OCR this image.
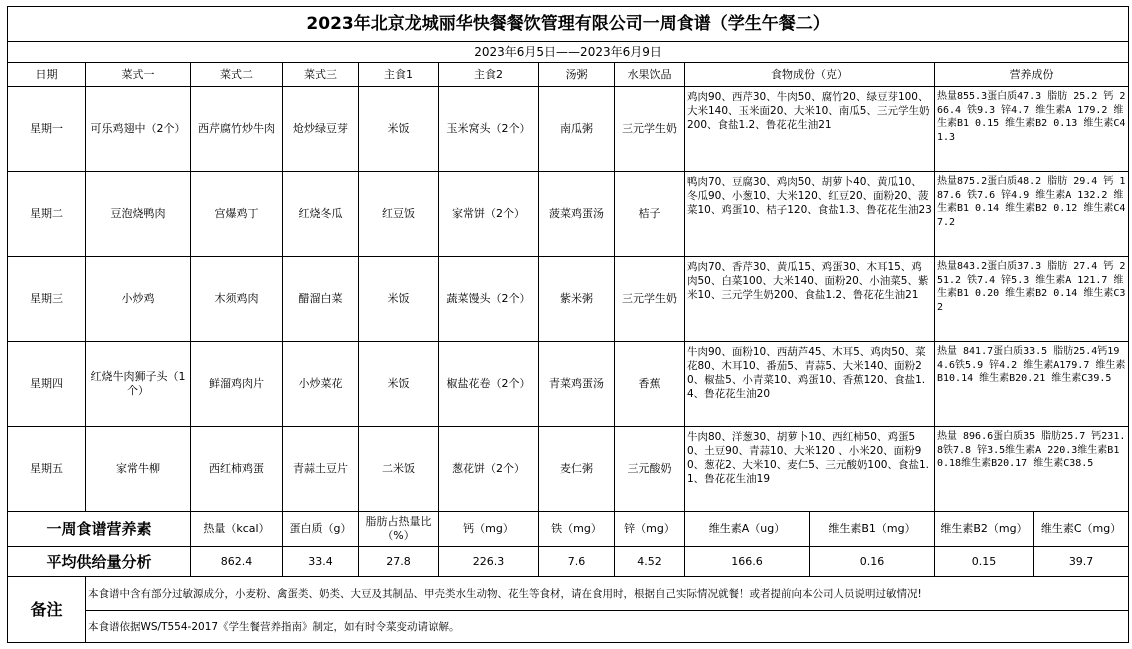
2023年北京龙城丽华快餐餐饮管理有限公司一周食谱（学生午餐二）											
2023年6月5日——2023年6月9日											
日期	菜式一	菜式二	菜式三	主食1	主食2	汤粥	水果饮品	食物成份（克）		营养成份	
星期一	可乐鸡翅中（2个）	西芹腐竹炒牛肉	炝炒绿豆芽	米饭	玉米窝头（2个）	南瓜粥	三元学生奶	鸡肉90、西芹30、牛肉50、腐竹20、绿豆芽100、大米140、玉米面20、大米10、南瓜5、三元学生奶200、食盐1.2、鲁花花生油21		热量855.3蛋白质47.3 脂肪 25.2 钙 266.4 铁9.3 锌4.7 维生素A 179.2 维生素B1 0.15 维生素B2 0.13 维生素C41.3	
星期二	豆泡烧鸭肉	宫爆鸡丁	红烧冬瓜	红豆饭	家常饼（2个）	菠菜鸡蛋汤	桔子	鸭肉70、豆腐30、鸡肉50、胡萝卜40、黄瓜10、冬瓜90、小葱10、大米120、红豆20、面粉20、菠菜10、鸡蛋10、桔子120、食盐1.3、鲁花花生油23		热量875.2蛋白质48.2 脂肪 29.4 钙 187.6 铁7.6 锌4.9 维生素A 132.2 维生素B1 0.14 维生素B2 0.12 维生素C47.2	
星期三	小炒鸡	木须鸡肉	醋溜白菜	米饭	蔬菜馒头（2个）	紫米粥	三元学生奶	鸡肉70、香芹30、黄瓜15、鸡蛋30、木耳15、鸡肉50、白菜100、大米140、面粉20、小油菜5、紫米10、三元学生奶200、食盐1.2、鲁花花生油21		热量843.2蛋白质37.3 脂肪 27.4 钙 251.2 铁7.4 锌5.3 维生素A 121.7 维生素B1 0.20 维生素B2 0.14 维生素C32	
星期四	红烧牛肉狮子头（1个）	鲜溜鸡肉片	小炒菜花	米饭	椒盐花卷（2个）	青菜鸡蛋汤	香蕉	牛肉90、面粉10、西葫芦45、木耳5、鸡肉50、菜花80、木耳10、番茄5、青蒜5、大米140、面粉20、椒盐5、小青菜10、鸡蛋10、香蕉120、食盐1.4、鲁花花生油20		热量 841.7蛋白质33.5 脂肪25.4钙194.6铁5.9 锌4.2 维生素A179.7 维生素B10.14 维生素B20.21 维生素C39.5	
星期五	家常牛柳	西红柿鸡蛋	青蒜土豆片	二米饭	葱花饼（2个）	麦仁粥	三元酸奶	牛肉80、洋葱30、胡萝卜10、西红柿50、鸡蛋50、土豆90、青蒜10、大米120 、小米20、面粉90、葱花2、大米10、麦仁5、三元酸奶100、食盐1.1、鲁花花生油19		热量 896.6蛋白质35 脂肪25.7 钙231.8铁7.8 锌3.5维生素A 220.3维生素B1 0.18维生素B20.17 维生素C38.5	
一周食谱营养素		热量（kcal）	蛋白质（g）	脂肪占热量比（%）	钙（mg）	铁（mg）	锌（mg）	维生素A（ug）	维生素B1（mg）	维生素B2（mg）	维生素C（mg）
平均供给量分析		862.4	33.4	27.8	226.3	7.6	4.52	166.6	0.16	0.15	39.7
备注	本食谱中含有部分过敏源成分，小麦粉、禽蛋类、奶类、大豆及其制品、甲壳类水生动物、花生等食材，请在食用时，根据自己实际情况就餐！或者提前向本公司人员说明过敏情况!										
	本食谱依据WS/T554-2017《学生餐营养指南》制定，如有时令菜变动请谅解。										
